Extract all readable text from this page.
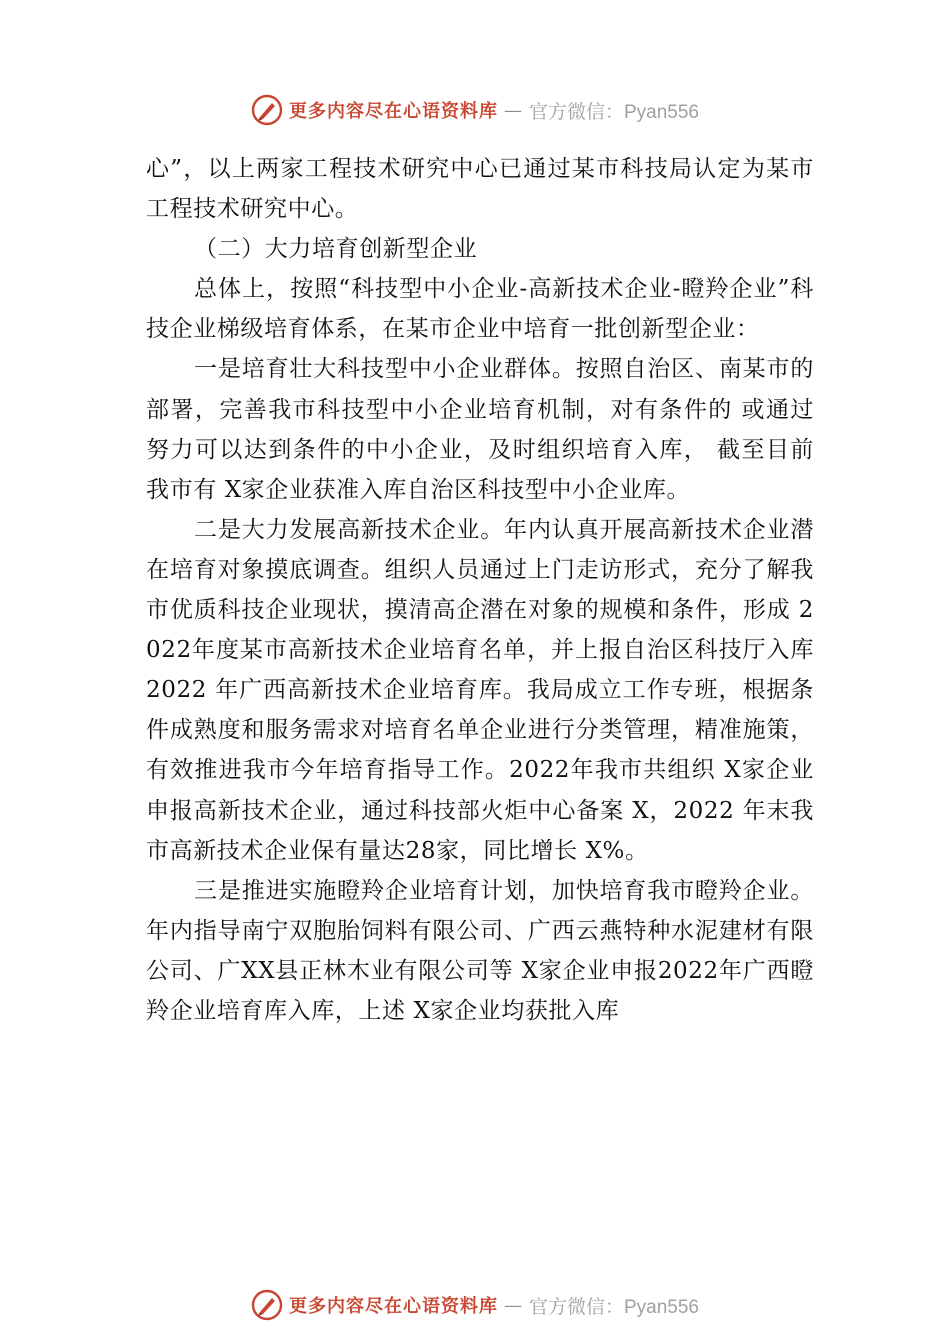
更多内容尽在心语资料库 — 官方微信：Pyan556

心”，以上两家工程技术研究中心已通过某市科技局认定为某市工程技术研究中心。

（二）大力培育创新型企业

总体上，按照“科技型中小企业-高新技术企业-瞪羚企业”科技企业梯级培育体系，在某市企业中培育一批创新型企业：

一是培育壮大科技型中小企业群体。按照自治区、南某市的部署，完善我市科技型中小企业培育机制，对有条件的 或通过努力可以达到条件的中小企业，及时组织培育入库， 截至目前我市有 X家企业获准入库自治区科技型中小企业库。

二是大力发展高新技术企业。年内认真开展高新技术企业潜在培育对象摸底调查。组织人员通过上门走访形式，充分了解我市优质科技企业现状，摸清高企潜在对象的规模和条件，形成 2022年度某市高新技术企业培育名单，并上报自治区科技厅入库 2022 年广西高新技术企业培育库。我局成立工作专班，根据条件成熟度和服务需求对培育名单企业进行分类管理，精准施策，有效推进我市今年培育指导工作。2022年我市共组织 X家企业申报高新技术企业，通过科技部火炬中心备案 X，2022 年末我市高新技术企业保有量达28家，同比增长 X%。

三是推进实施瞪羚企业培育计划，加快培育我市瞪羚企业。年内指导南宁双胞胎饲料有限公司、广西云燕特种水泥建材有限公司、广XX县正林木业有限公司等 X家企业申报2022年广西瞪羚企业培育库入库，上述 X家企业均获批入库

更多内容尽在心语资料库 — 官方微信：Pyan556
